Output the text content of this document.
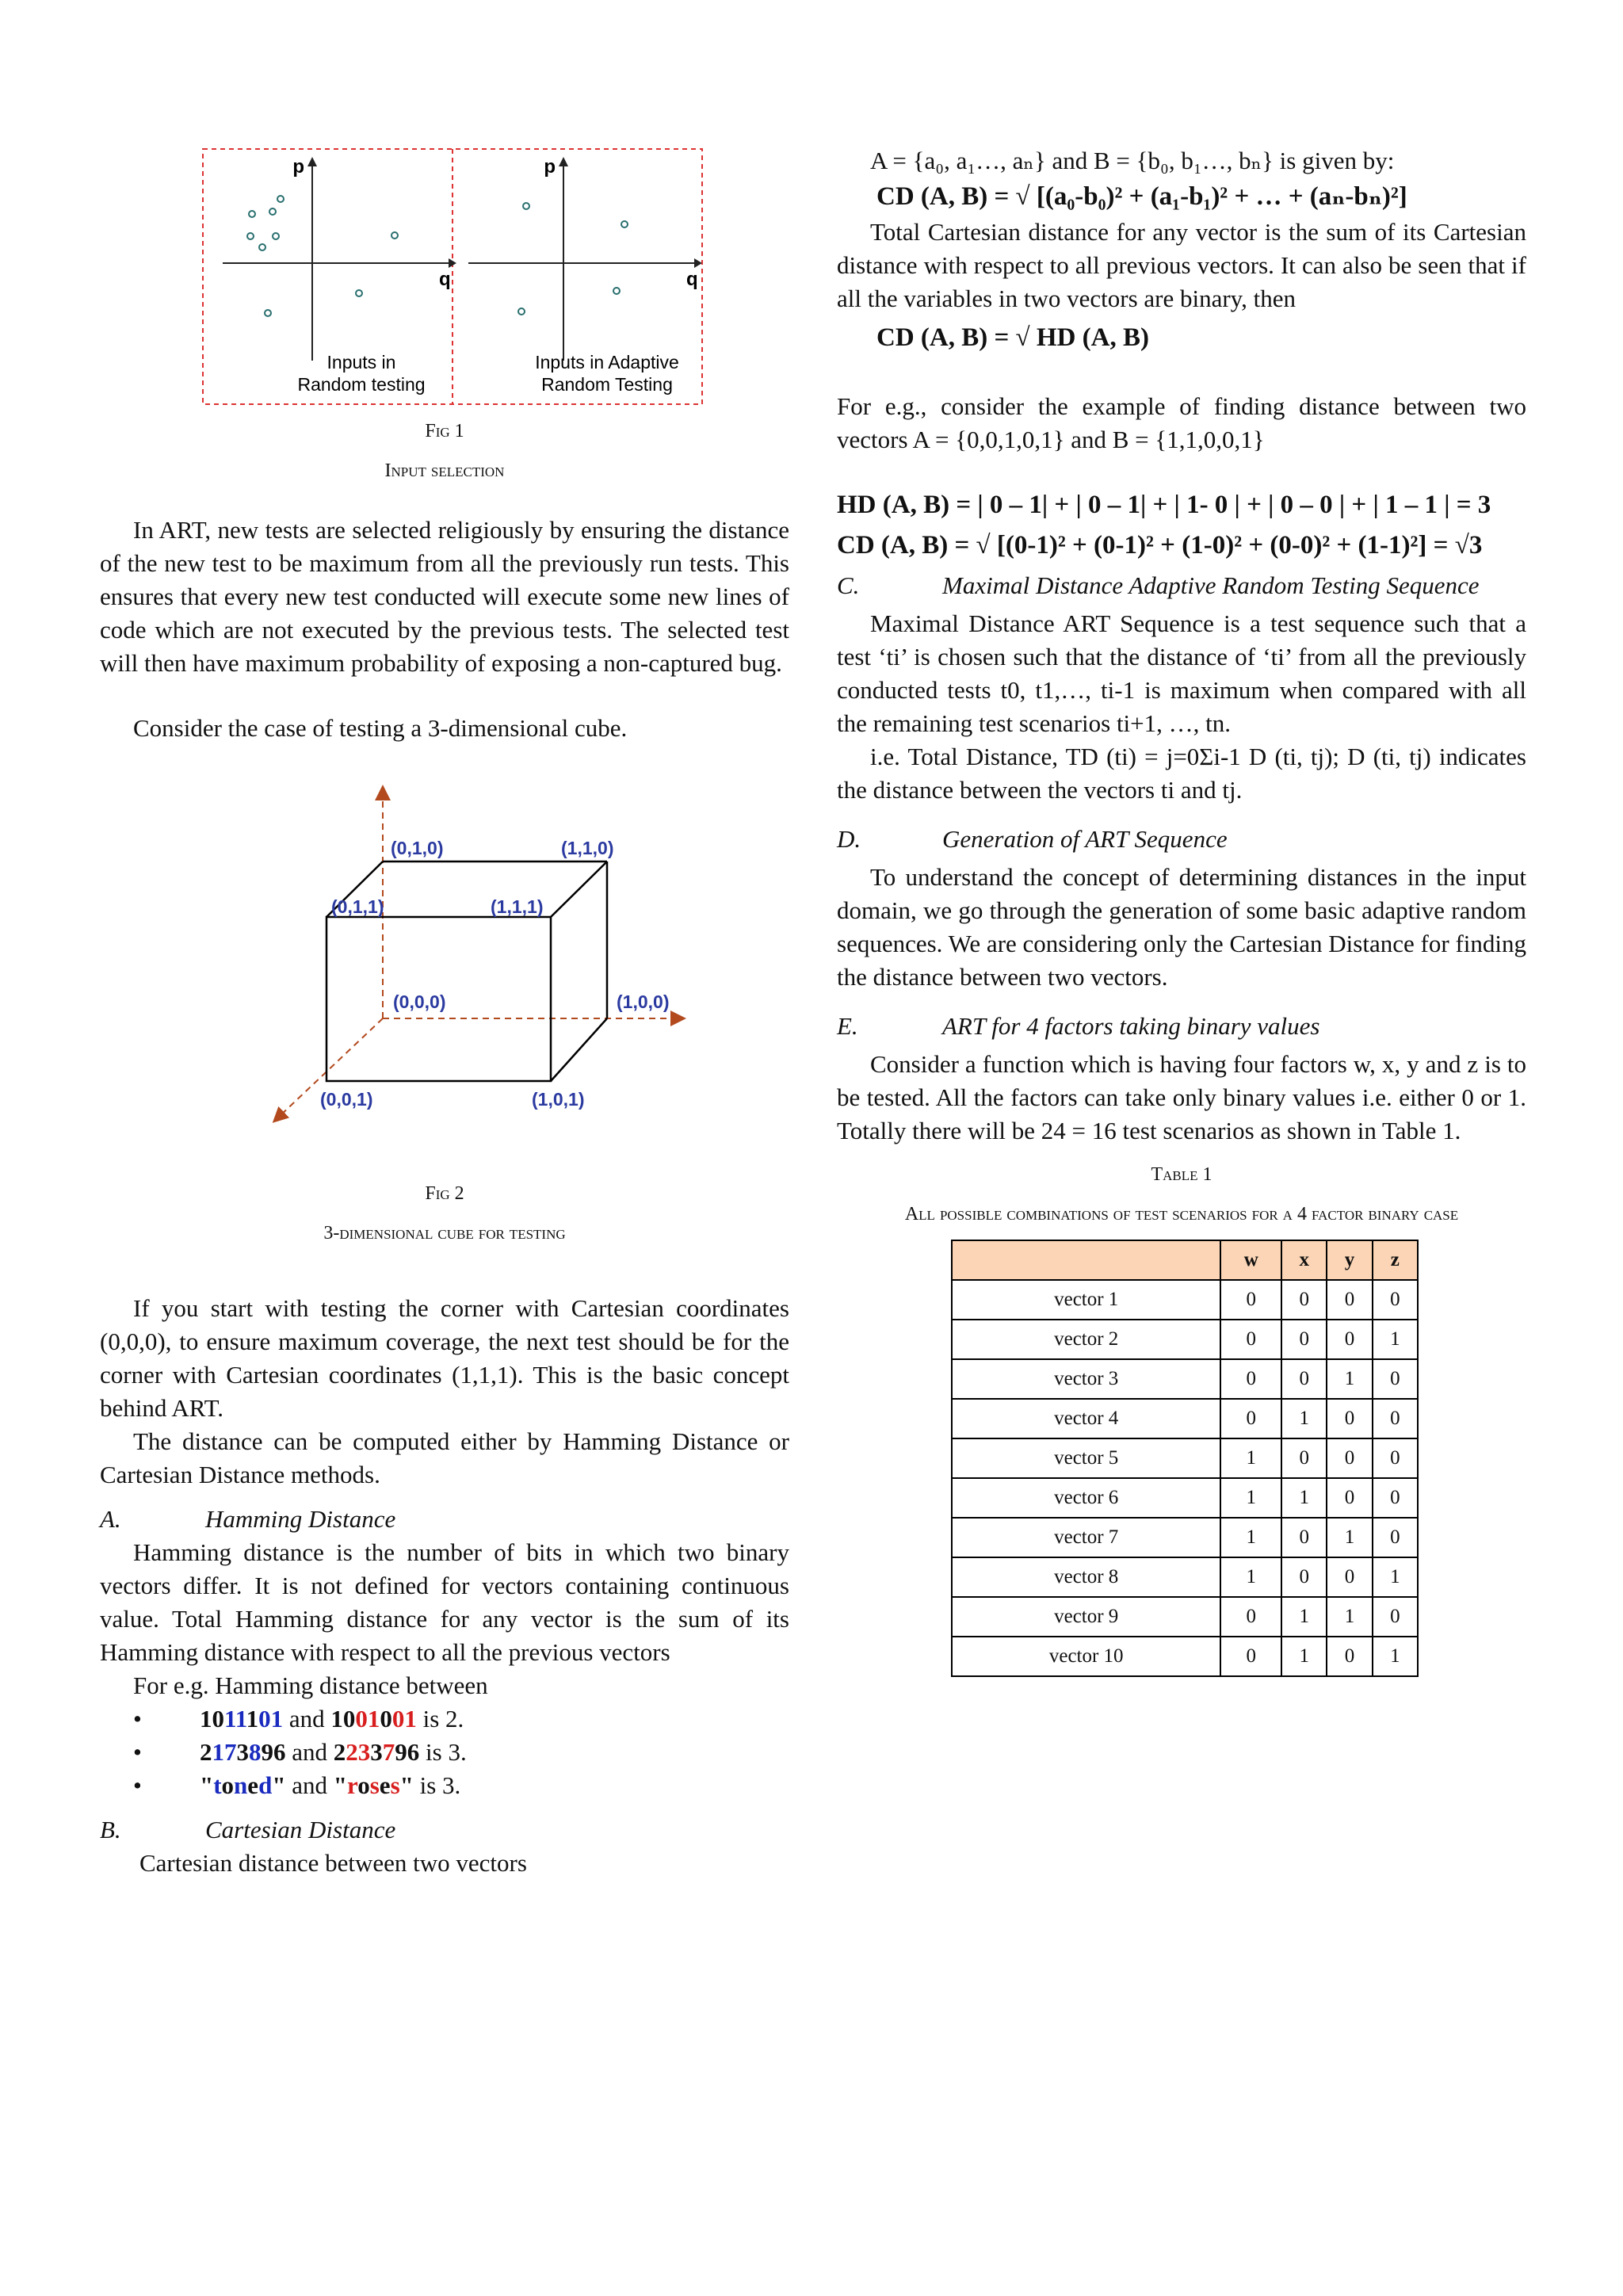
p
q
Inputs in
Random testing
p
q
Inputs in Adaptive
Random Testing

Fig 1

Input selection

In ART, new tests are selected religiously by ensuring the distance of the new test to be maximum from all the previously run tests. This ensures that every new test conducted will execute some new lines of code which are not executed by the previous tests. The selected test will then have maximum probability of exposing a non-captured bug.

Consider the case of testing a 3-dimensional cube.

(0,1,0)	(1,1,0)
(0,1,1)	(1,1,1)
(0,0,0)	(1,0,0)
(0,0,1)	(1,0,1)

Fig 2

3-dimensional cube for testing

If you start with testing the corner with Cartesian coordinates (0,0,0), to ensure maximum coverage, the next test should be for the corner with Cartesian coordinates (1,1,1). This is the basic concept behind ART.

The distance can be computed either by Hamming Distance or Cartesian Distance methods.

A.	Hamming Distance

Hamming distance is the number of bits in which two binary vectors differ. It is not defined for vectors containing continuous value. Total Hamming distance for any vector is the sum of its Hamming distance with respect to all the previous vectors

For e.g. Hamming distance between

• 1011101 and 1001001 is 2.
• 2173896 and 2233796 is 3.
• "toned" and "roses" is 3.

B.	Cartesian Distance

Cartesian distance between two vectors

A = {a₀, a₁…, aₙ} and B = {b₀, b₁…, bₙ} is given by:

CD (A, B) = √ [(a₀-b₀)² + (a₁-b₁)² + … + (aₙ-bₙ)²]

Total Cartesian distance for any vector is the sum of its Cartesian distance with respect to all previous vectors. It can also be seen that if all the variables in two vectors are binary, then

CD (A, B) = √ HD (A, B)

For e.g., consider the example of finding distance between two vectors A = {0,0,1,0,1} and B = {1,1,0,0,1}

HD (A, B) = | 0 – 1| + | 0 – 1| + | 1- 0 | + | 0 – 0 | + | 1 – 1 | = 3

CD (A, B) = √ [(0-1)² + (0-1)² + (1-0)² + (0-0)² + (1-1)²] = √3

C.	Maximal Distance Adaptive Random Testing Sequence

Maximal Distance ART Sequence is a test sequence such that a test ‘ti’ is chosen such that the distance of ‘ti’ from all the previously conducted tests t0, t1,…, ti-1 is maximum when compared with all the remaining test scenarios ti+1, …, tn.

i.e. Total Distance, TD (ti) = j=0Σi-1 D (ti, tj); D (ti, tj) indicates the distance between the vectors ti and tj.

D.	Generation of ART Sequence

To understand the concept of determining distances in the input domain, we go through the generation of some basic adaptive random sequences. We are considering only the Cartesian Distance for finding the distance between two vectors.

E.	ART for 4 factors taking binary values

Consider a function which is having four factors w, x, y and z is to be tested. All the factors can take only binary values i.e. either 0 or 1. Totally there will be 24 = 16 test scenarios as shown in Table 1.

Table 1

All possible combinations of test scenarios for a 4 factor binary case

	w	x	y	z
vector 1	0	0	0	0
vector 2	0	0	0	1
vector 3	0	0	1	0
vector 4	0	1	0	0
vector 5	1	0	0	0
vector 6	1	1	0	0
vector 7	1	0	1	0
vector 8	1	0	0	1
vector 9	0	1	1	0
vector 10	0	1	0	1
